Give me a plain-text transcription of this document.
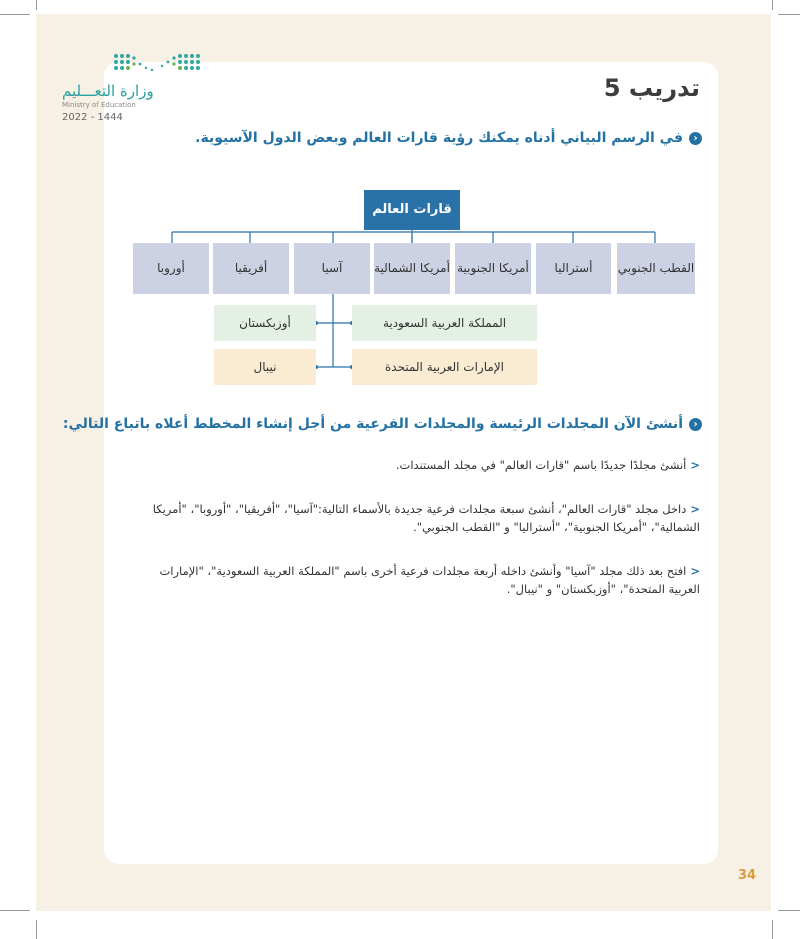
وزارة التعـــليم
Ministry of Education
2022 - 1444
تدريب 5
‹في الرسم البياني أدناه يمكنك رؤية قارات العالم وبعض الدول الآسيوية.
قارات العالم
القطب الجنوبي
أستراليا
أمريكا الجنوبية
أمريكا الشمالية
آسيا
أفريقيا
أوروبا
المملكة العربية السعودية
أوزبكستان
الإمارات العربية المتحدة
نيبال
‹أنشئ الآن المجلدات الرئيسة والمجلدات الفرعية من أجل إنشاء المخطط أعلاه باتباع التالي:
<أنشئ مجلدًا جديدًا باسم "قارات العالم" في مجلد المستندات.
<داخل مجلد "قارات العالم"، أنشئ سبعة مجلدات فرعية جديدة بالأسماء التالية:"آسيا"، "أفريقيا"، "أوروبا"، "أمريكا الشمالية"، "أمريكا الجنوبية"، "أستراليا" و "القطب الجنوبي".
<افتح بعد ذلك مجلد "آسيا" وأنشئ داخله أربعة مجلدات فرعية أخرى باسم "المملكة العربية السعودية"، "الإمارات العربية المتحدة"، "أوزبكستان" و "نيبال".
34
